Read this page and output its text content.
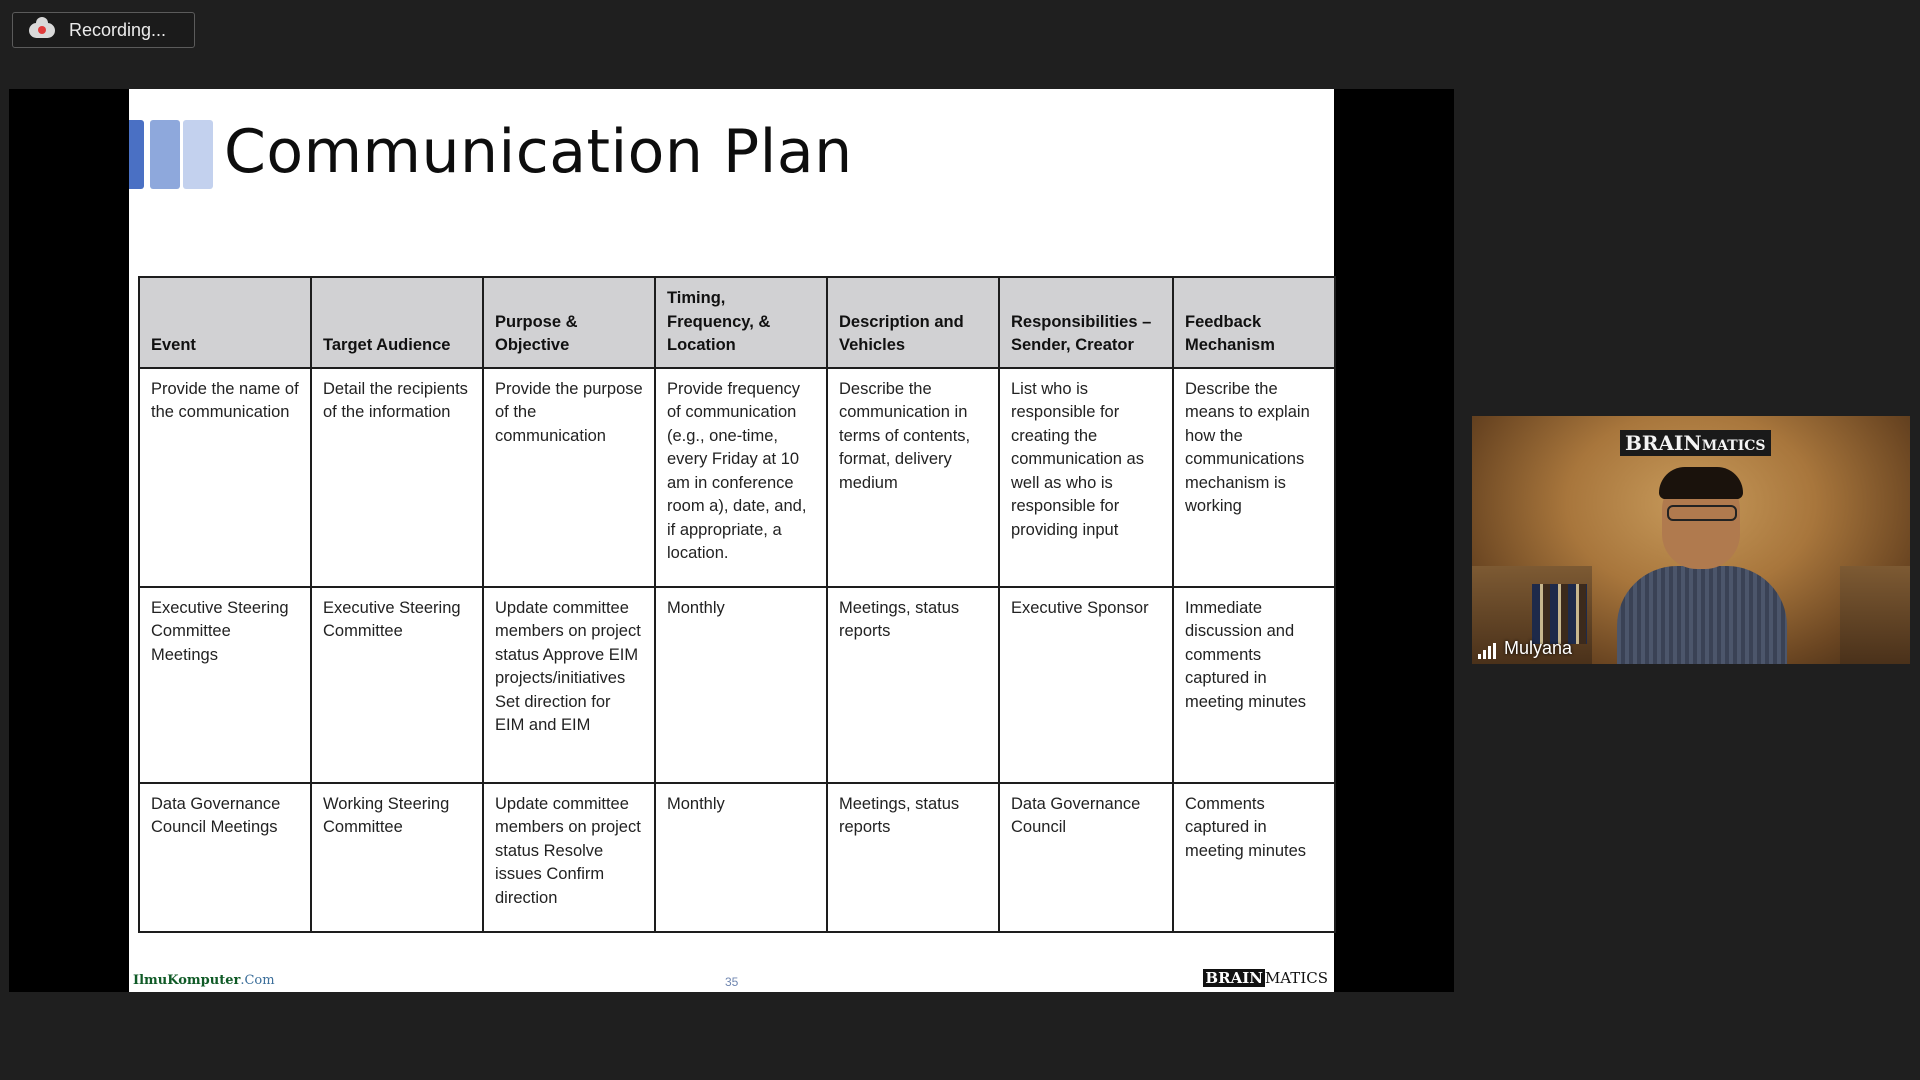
Recording...
Communication Plan
Event	Target Audience	Purpose & Objective	Timing, Frequency, & Location	Description and Vehicles	Responsibilities – Sender, Creator	Feedback Mechanism
Provide the name of the communication	Detail the recipients of the information	Provide the purpose of the communication	Provide frequency of communication (e.g., one-time, every Friday at 10 am in conference room a), date, and, if appropriate, a location.	Describe the communication in terms of contents, format, delivery medium	List who is responsible for creating the communication as well as who is responsible for providing input	Describe the means to explain how the communications mechanism is working
Executive Steering Committee Meetings	Executive Steering Committee	Update committee members on project status Approve EIM projects/initiatives Set direction for EIM and EIM	Monthly	Meetings, status reports	Executive Sponsor	Immediate discussion and comments captured in meeting minutes
Data Governance Council Meetings	Working Steering Committee	Update committee members on project status Resolve issues Confirm direction	Monthly	Meetings, status reports	Data Governance Council	Comments captured in meeting minutes
IlmuKomputer.Com	35	BRAIN MATICS
BRAINMATICS
Mulyana
